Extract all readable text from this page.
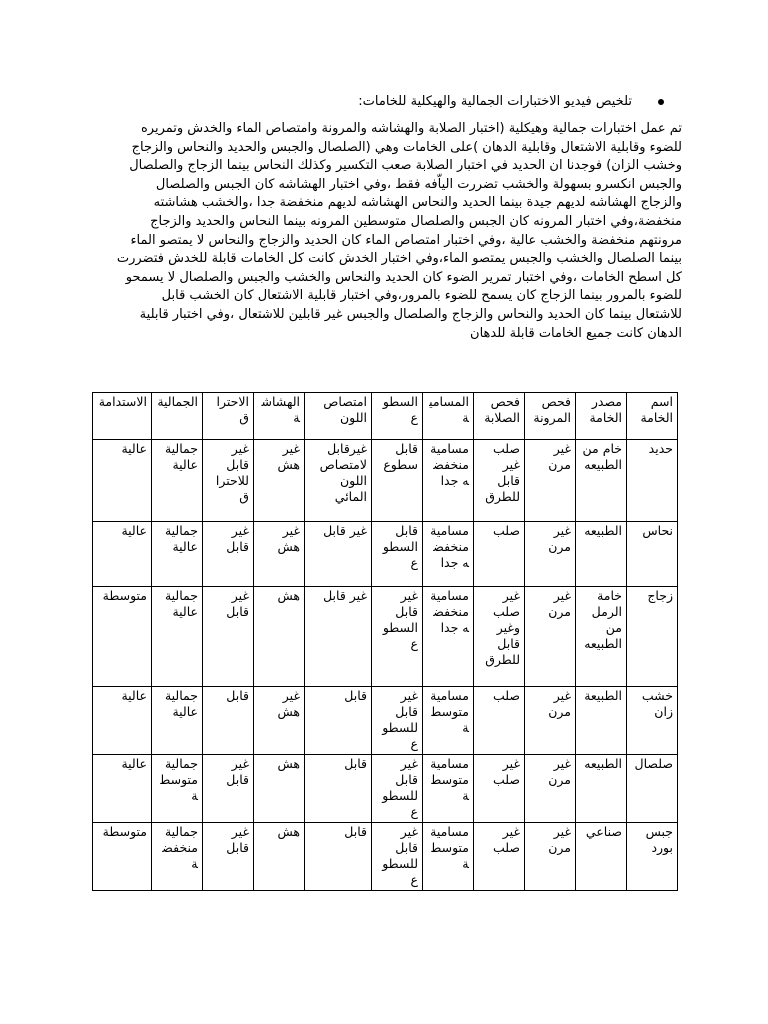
تلخيص فيديو الاختبارات الجمالية والهيكلية للخامات:
تم عمل اختبارات جمالية وهيكلية (اختبار الصلابة والهشاشه والمرونة وامتصاص الماء والخدش وتمريره
للضوء وقابلية الاشتعال وقابلية الدهان )على الخامات وهي (الصلصال والجبس والحديد والنحاس والزجاج
وخشب الزان) فوجدنا ان الحديد في اختبار الصلابة صعب التكسير وكذلك النحاس بينما الزجاج والصلصال
والجبس انكسرو بسهولة والخشب تضررت الياّفه فقط ،وفي اختبار الهشاشه كان الجبس والصلصال
والزجاج الهشاشه لديهم جيدة بينما الحديد والنحاس الهشاشه لديهم منخفضة جدا ،والخشب هشاشته
منخفضة،وفي اختبار المرونه كان الجبس والصلصال متوسطين المرونه بينما النحاس والحديد والزجاج
مرونتهم منخفضة والخشب عالية ،وفي اختبار امتصاص الماء كان الحديد والزجاج والنحاس لا يمتصو الماء
بينما الصلصال والخشب والجبس يمتصو الماء،وفي اختبار الخدش كانت كل الخامات قابلة للخدش فتضررت
كل اسطح الخامات ،وفي اختبار تمرير الضوء كان الحديد والنحاس والخشب والجبس والصلصال لا يسمحو
للضوء بالمرور بينما الزجاج كان يسمح للضوء بالمرور،وفي اختبار قابلية الاشتعال كان الخشب قابل
للاشتعال بينما كان الحديد والنحاس والزجاج والصلصال والجبس غير قابلين للاشتعال ،وفي اختبار قابلية
الدهان كانت جميع الخامات قابلة للدهان
اسم الخامة	مصدر الخامة	فحص المرونة	فحص الصلابة	المسامية	السطوع	امتصاص اللون	الهشاشة	الاحتراق	الجمالية	الاستدامة
حديد	خام من الطبيعه	غير مرن	صلب غير قابل للطرق	مسامية منخفضه جدا	قابل سطوع	غيرقابل لامتصاص اللون المائي	غير هش	غير قابل للاحتراق	جمالية عالية	عالية
نحاس	الطبيعه	غير مرن	صلب	مسامية منخفضه جدا	قابل السطوع	غير قابل	غير هش	غير قابل	جمالية عالية	عالية
زجاج	خامة الرمل من الطبيعه	غير مرن	غير صلب وغير قابل للطرق	مسامية منخفضه جدا	غير قابل السطوع	غير قابل	هش	غير قابل	جمالية عالية	متوسطة
خشب زان	الطبيعة	غير مرن	صلب	مسامية متوسطة	غير قابل للسطوع	قابل	غير هش	قابل	جمالية عالية	عالية
صلصال	الطبيعه	غير مرن	غير صلب	مسامية متوسطة	غير قابل للسطوع	قابل	هش	غير قابل	جمالية متوسطة	عالية
جبس بورد	صناعي	غير مرن	غير صلب	مسامية متوسطة	غير قابل للسطوع	قابل	هش	غير قابل	جمالية منخفضة	متوسطة
